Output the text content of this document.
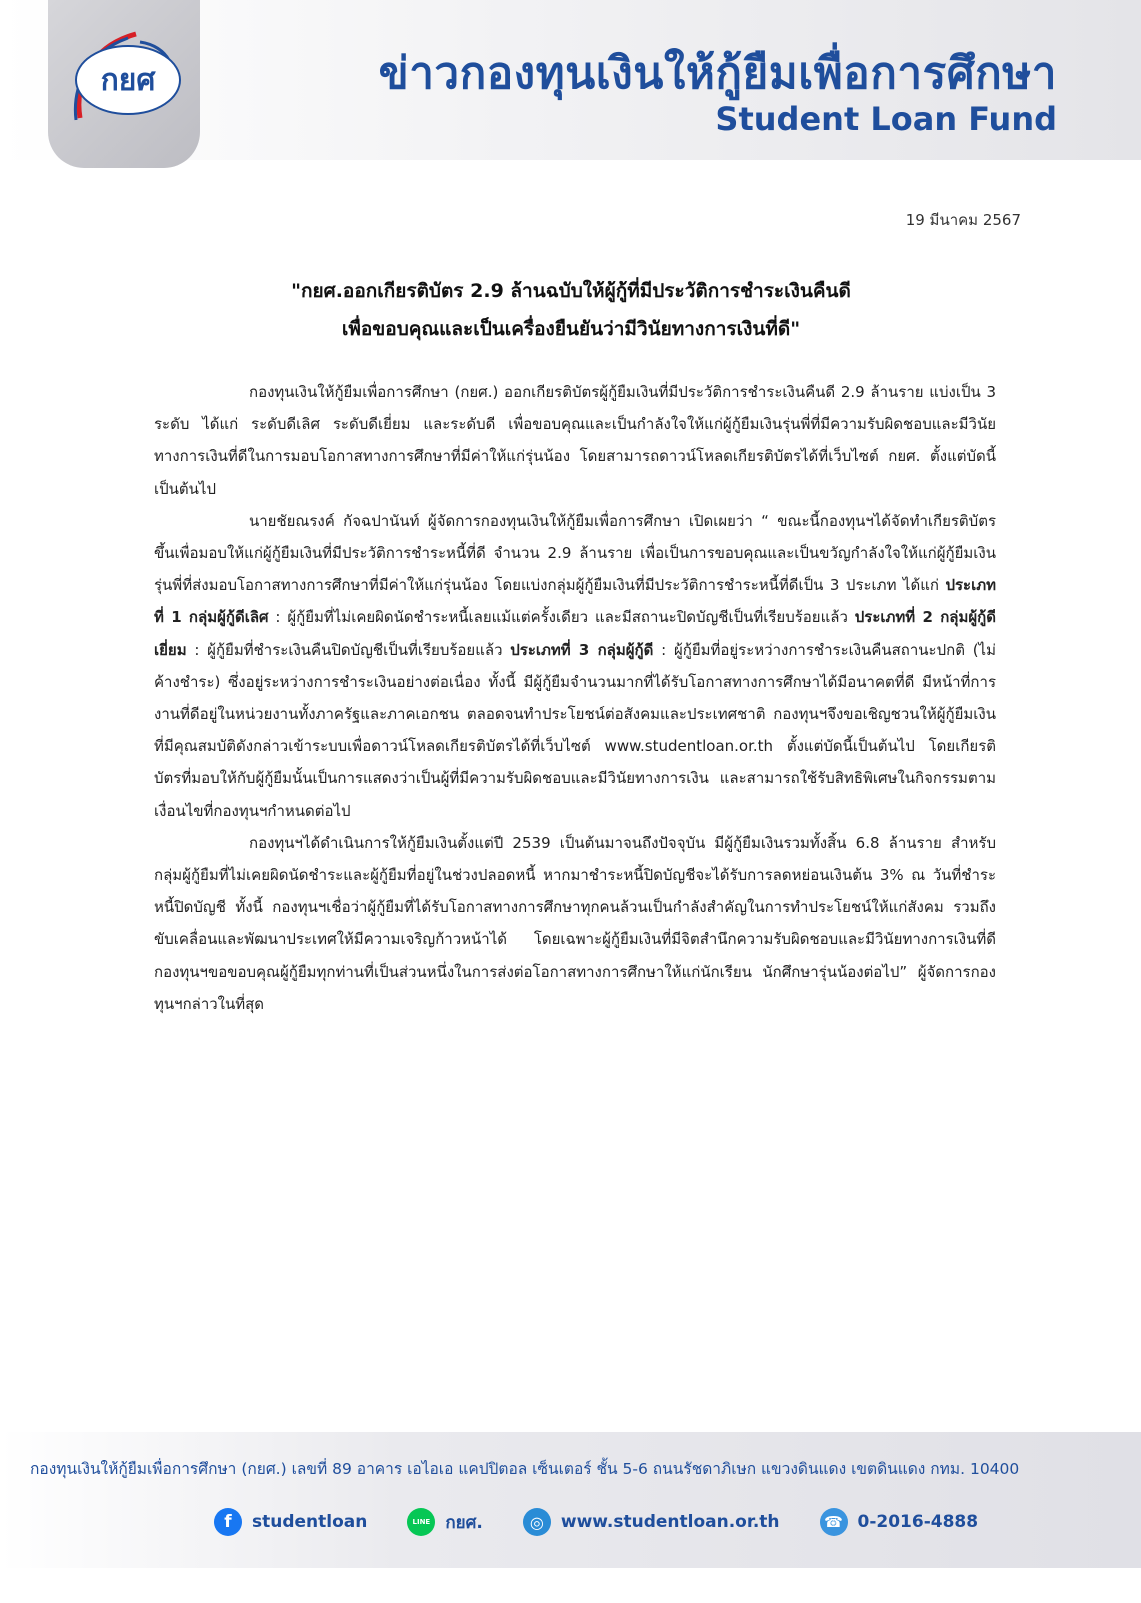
กยศ	ข่าวกองทุนเงินให้กู้ยืมเพื่อการศึกษา
Student Loan Fund
19 มีนาคม 2567
"กยศ.ออกเกียรติบัตร 2.9 ล้านฉบับให้ผู้กู้ที่มีประวัติการชำระเงินคืนดี
เพื่อขอบคุณและเป็นเครื่องยืนยันว่ามีวินัยทางการเงินที่ดี"

กองทุนเงินให้กู้ยืมเพื่อการศึกษา (กยศ.) ออกเกียรติบัตรผู้กู้ยืมเงินที่มีประวัติการชำระเงินคืนดี 2.9 ล้านราย แบ่งเป็น 3 ระดับ ได้แก่ ระดับดีเลิศ ระดับดีเยี่ยม และระดับดี เพื่อขอบคุณและเป็นกำลังใจให้แก่ผู้กู้ยืมเงินรุ่นพี่ที่มีความรับผิดชอบและมีวินัยทางการเงินที่ดีในการมอบโอกาสทางการศึกษาที่มีค่าให้แก่รุ่นน้อง โดยสามารถดาวน์โหลดเกียรติบัตรได้ที่เว็บไซต์ กยศ. ตั้งแต่บัดนี้เป็นต้นไป

นายชัยณรงค์ กัจฉปานันท์ ผู้จัดการกองทุนเงินให้กู้ยืมเพื่อการศึกษา เปิดเผยว่า “ ขณะนี้กองทุนฯได้จัดทำเกียรติบัตรขึ้นเพื่อมอบให้แก่ผู้กู้ยืมเงินที่มีประวัติการชำระหนี้ที่ดี จำนวน 2.9 ล้านราย เพื่อเป็นการขอบคุณและเป็นขวัญกำลังใจให้แก่ผู้กู้ยืมเงินรุ่นพี่ที่ส่งมอบโอกาสทางการศึกษาที่มีค่าให้แก่รุ่นน้อง โดยแบ่งกลุ่มผู้กู้ยืมเงินที่มีประวัติการชำระหนี้ที่ดีเป็น 3 ประเภท ได้แก่ ประเภทที่ 1 กลุ่มผู้กู้ดีเลิศ : ผู้กู้ยืมที่ไม่เคยผิดนัดชำระหนี้เลยแม้แต่ครั้งเดียว และมีสถานะปิดบัญชีเป็นที่เรียบร้อยแล้ว ประเภทที่ 2 กลุ่มผู้กู้ดีเยี่ยม : ผู้กู้ยืมที่ชำระเงินคืนปิดบัญชีเป็นที่เรียบร้อยแล้ว ประเภทที่ 3 กลุ่มผู้กู้ดี : ผู้กู้ยืมที่อยู่ระหว่างการชำระเงินคืนสถานะปกติ (ไม่ค้างชำระ) ซึ่งอยู่ระหว่างการชำระเงินอย่างต่อเนื่อง ทั้งนี้ มีผู้กู้ยืมจำนวนมากที่ได้รับโอกาสทางการศึกษาได้มีอนาคตที่ดี มีหน้าที่การงานที่ดีอยู่ในหน่วยงานทั้งภาครัฐและภาคเอกชน ตลอดจนทำประโยชน์ต่อสังคมและประเทศชาติ กองทุนฯจึงขอเชิญชวนให้ผู้กู้ยืมเงินที่มีคุณสมบัติดังกล่าวเข้าระบบเพื่อดาวน์โหลดเกียรติบัตรได้ที่เว็บไซต์ www.studentloan.or.th ตั้งแต่บัดนี้เป็นต้นไป โดยเกียรติบัตรที่มอบให้กับผู้กู้ยืมนั้นเป็นการแสดงว่าเป็นผู้ที่มีความรับผิดชอบและมีวินัยทางการเงิน และสามารถใช้รับสิทธิพิเศษในกิจกรรมตามเงื่อนไขที่กองทุนฯกำหนดต่อไป

กองทุนฯได้ดำเนินการให้กู้ยืมเงินตั้งแต่ปี 2539 เป็นต้นมาจนถึงปัจจุบัน มีผู้กู้ยืมเงินรวมทั้งสิ้น 6.8 ล้านราย สำหรับกลุ่มผู้กู้ยืมที่ไม่เคยผิดนัดชำระและผู้กู้ยืมที่อยู่ในช่วงปลอดหนี้ หากมาชำระหนี้ปิดบัญชีจะได้รับการลดหย่อนเงินต้น 3% ณ วันที่ชำระหนี้ปิดบัญชี ทั้งนี้ กองทุนฯเชื่อว่าผู้กู้ยืมที่ได้รับโอกาสทางการศึกษาทุกคนล้วนเป็นกำลังสำคัญในการทำประโยชน์ให้แก่สังคม รวมถึงขับเคลื่อนและพัฒนาประเทศให้มีความเจริญก้าวหน้าได้ โดยเฉพาะผู้กู้ยืมเงินที่มีจิตสำนึกความรับผิดชอบและมีวินัยทางการเงินที่ดี กองทุนฯขอขอบคุณผู้กู้ยืมทุกท่านที่เป็นส่วนหนึ่งในการส่งต่อโอกาสทางการศึกษาให้แก่นักเรียน นักศึกษารุ่นน้องต่อไป” ผู้จัดการกองทุนฯกล่าวในที่สุด

กองทุนเงินให้กู้ยืมเพื่อการศึกษา (กยศ.) เลขที่ 89 อาคาร เอไอเอ แคปปิตอล เซ็นเตอร์ ชั้น 5-6 ถนนรัชดาภิเษก แขวงดินแดง เขตดินแดง กทม. 10400
f	studentloan	LINE กยศ.	◎	www.studentloan.or.th	☎ 0-2016-4888
